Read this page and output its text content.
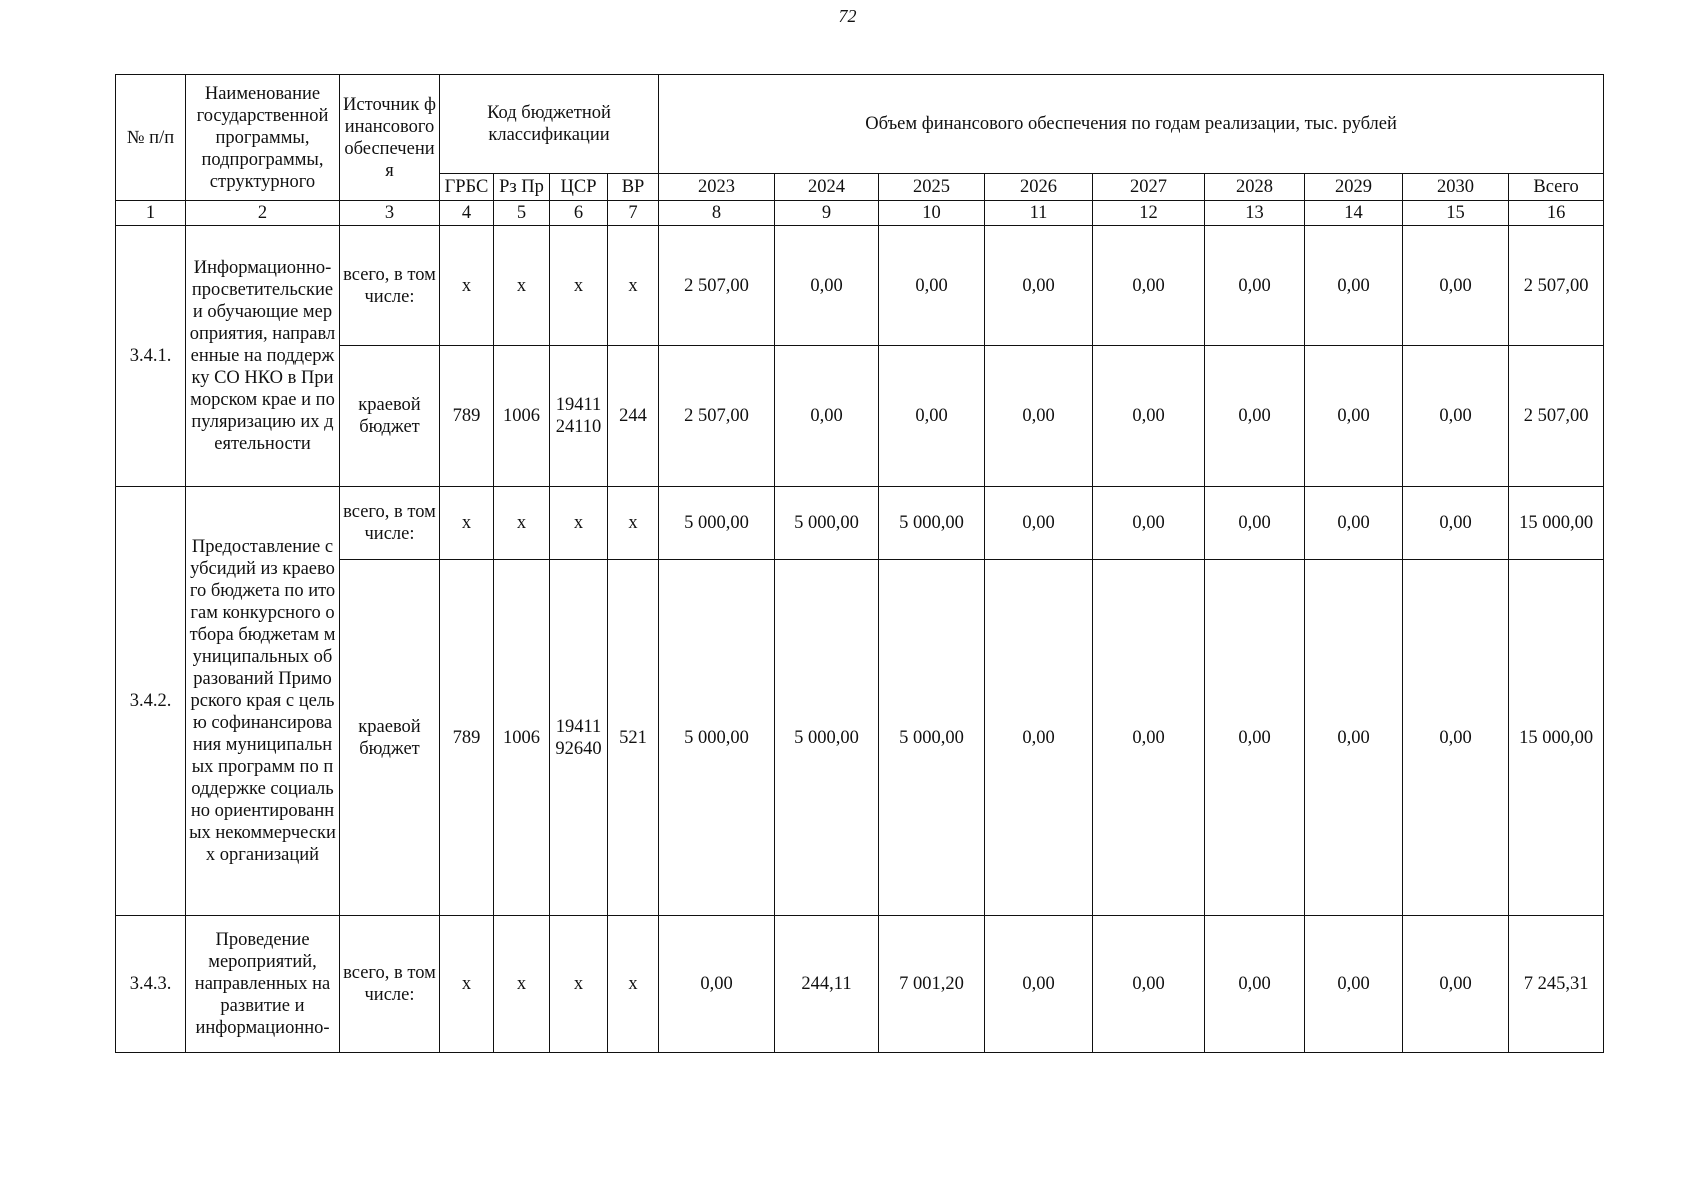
72
№ п/п	Наименование государственной программы, подпрограммы, структурного	Источник финансового обеспечения	Код бюджетной классификации				Объем финансового обеспечения по годам реализации, тыс. рублей								
			ГРБС	Рз Пр	ЦСР	ВР	2023	2024	2025	2026	2027	2028	2029	2030	Всего
1	2	3	4	5	6	7	8	9	10	11	12	13	14	15	16
3.4.1.	Информационно-просветительские и обучающие мероприятия, направленные на поддержку СО НКО в Приморском крае и популяризацию их деятельности	всего, в том числе:	х	х	х	х	2 507,00	0,00	0,00	0,00	0,00	0,00	0,00	0,00	2 507,00
		краевой бюджет	789	1006	1941124110	244	2 507,00	0,00	0,00	0,00	0,00	0,00	0,00	0,00	2 507,00
3.4.2.	Предоставление субсидий из краевого бюджета по итогам конкурсного отбора бюджетам муниципальных образований Приморского края с целью софинансирования муниципальных программ по поддержке социально ориентированных некоммерческих организаций	всего, в том числе:	х	х	х	х	5 000,00	5 000,00	5 000,00	0,00	0,00	0,00	0,00	0,00	15 000,00
		краевой бюджет	789	1006	1941192640	521	5 000,00	5 000,00	5 000,00	0,00	0,00	0,00	0,00	0,00	15 000,00
3.4.3.	Проведение мероприятий, направленных на развитие и информационно-	всего, в том числе:	х	х	х	х	0,00	244,11	7 001,20	0,00	0,00	0,00	0,00	0,00	7 245,31
